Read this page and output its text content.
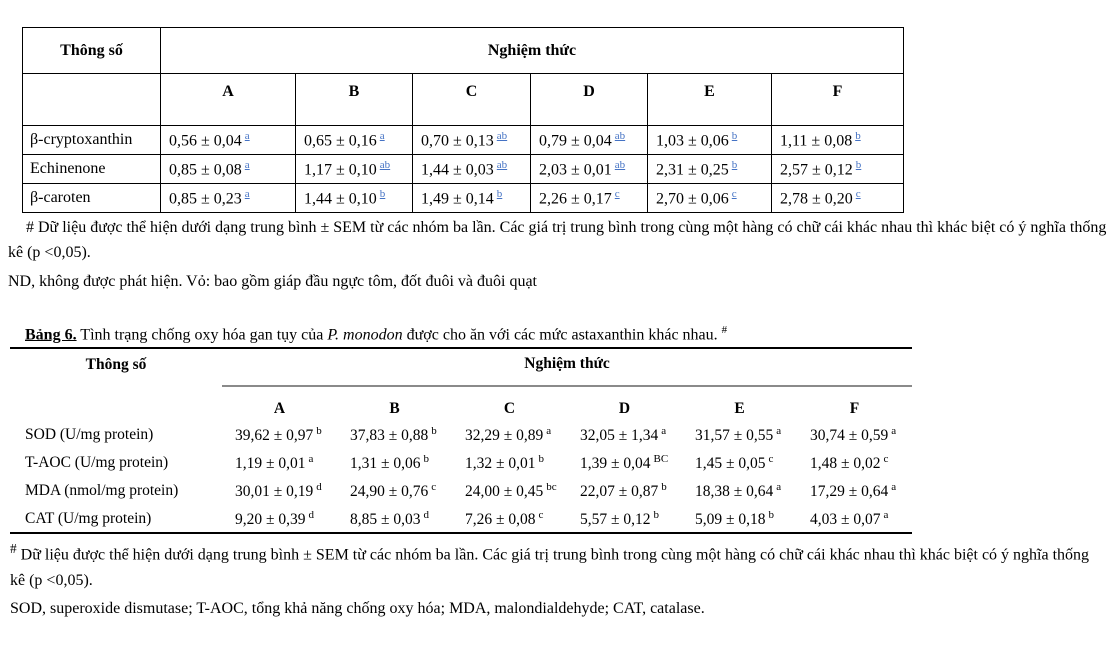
Thông số	Nghiệm thức					
	A	B	C	D	E	F
β-cryptoxanthin	0,56 ± 0,04 $^a$	0,65 ± 0,16 $^a$	0,70 ± 0,13 $^{ab}$	0,79 ± 0,04 $^{ab}$	1,03 ± 0,06 $^b$	1,11 ± 0,08 $^b$
Echinenone	0,85 ± 0,08 $^a$	1,17 ± 0,10 $^{ab}$	1,44 ± 0,03 $^{ab}$	2,03 ± 0,01 $^{ab}$	2,31 ± 0,25 $^b$	2,57 ± 0,12 $^b$
β-caroten	0,85 ± 0,23 $^a$	1,44 ± 0,10 $^b$	1,49 ± 0,14 $^b$	2,26 ± 0,17 $^c$	2,70 ± 0,06 $^c$	2,78 ± 0,20 $^c$

# Dữ liệu được thể hiện dưới dạng trung bình ± SEM từ các nhóm ba lần. Các giá trị trung bình trong cùng một hàng có chữ cái khác nhau thì khác biệt có ý nghĩa thống kê (p <0,05).

ND, không được phát hiện. Vỏ: bao gồm giáp đầu ngực tôm, đốt đuôi và đuôi quạt

Bảng 6. Tình trạng chống oxy hóa gan tụy của P. monodon được cho ăn với các mức astaxanthin khác nhau. #

Thông số	Nghiệm thức					
	A	B	C	D	E	F
SOD (U/mg protein)	39,62 ± 0,97 $^b$	37,83 ± 0,88 $^b$	32,29 ± 0,89 $^a$	32,05 ± 1,34 $^a$	31,57 ± 0,55 $^a$	30,74 ± 0,59 $^a$
T-AOC (U/mg protein)	1,19 ± 0,01 $^a$	1,31 ± 0,06 $^b$	1,32 ± 0,01 $^b$	1,39 ± 0,04 $^{BC}$	1,45 ± 0,05 $^c$	1,48 ± 0,02 $^c$
MDA (nmol/mg protein)	30,01 ± 0,19 $^d$	24,90 ± 0,76 $^c$	24,00 ± 0,45 $^{bc}$	22,07 ± 0,87 $^b$	18,38 ± 0,64 $^a$	17,29 ± 0,64 $^a$
CAT (U/mg protein)	9,20 ± 0,39 $^d$	8,85 ± 0,03 $^d$	7,26 ± 0,08 $^c$	5,57 ± 0,12 $^b$	5,09 ± 0,18 $^b$	4,03 ± 0,07 $^a$

# Dữ liệu được thể hiện dưới dạng trung bình ± SEM từ các nhóm ba lần. Các giá trị trung bình trong cùng một hàng có chữ cái khác nhau thì khác biệt có ý nghĩa thống kê (p <0,05).

SOD, superoxide dismutase; T-AOC, tổng khả năng chống oxy hóa; MDA, malondialdehyde; CAT, catalase.
